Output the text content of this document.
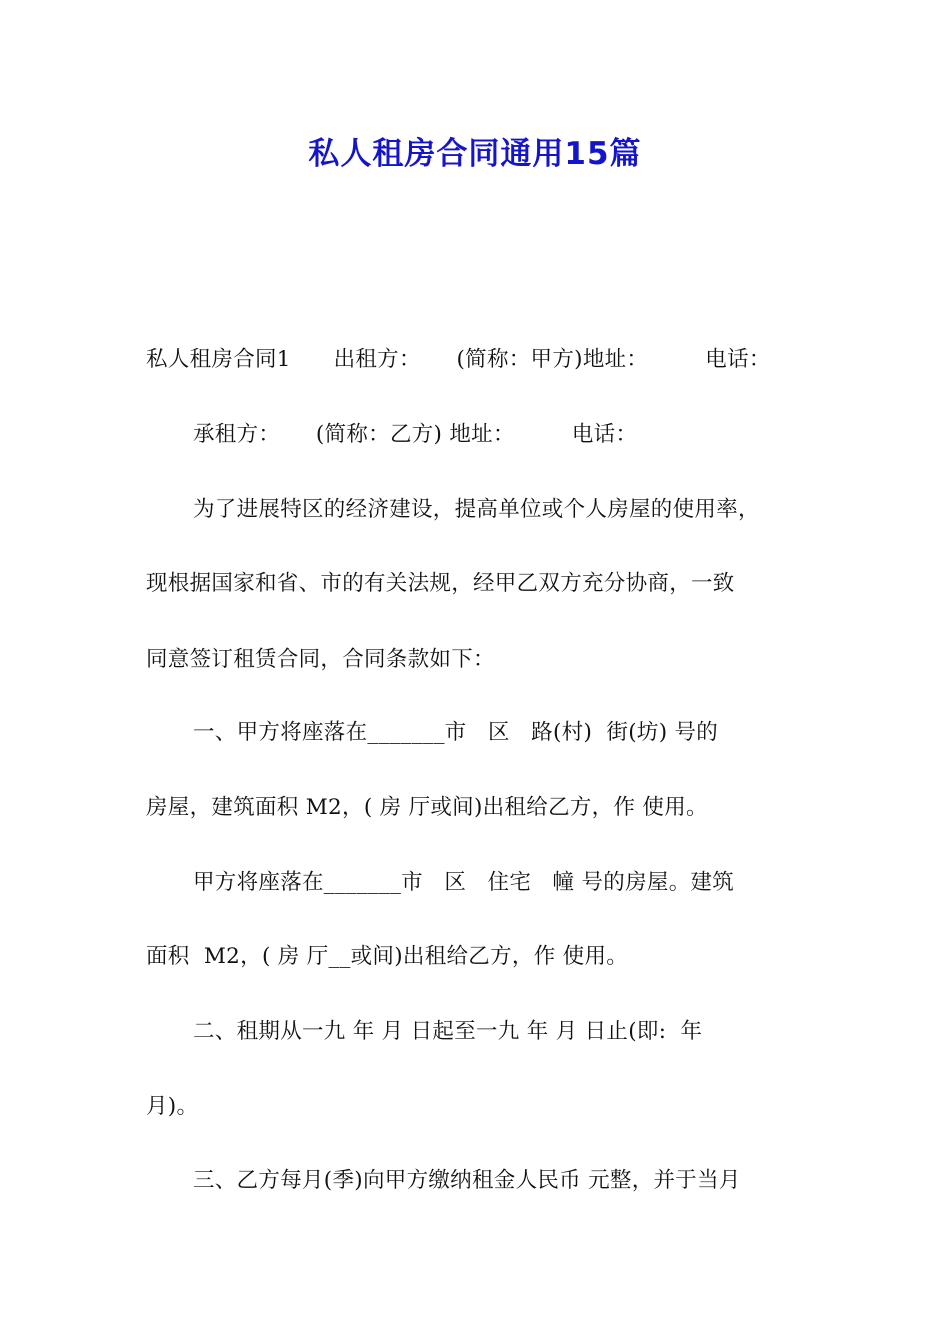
私人租房合同通用15篇
私人租房合同1      出租方：     (简称：甲方)地址：        电话：
承租方：     (简称：乙方) 地址：        电话：
为了进展特区的经济建设，提高单位或个人房屋的使用率，
现根据国家和省、市的有关法规，经甲乙双方充分协商，一致
同意签订租赁合同，合同条款如下：
一、甲方将座落在_______市   区   路(村)  街(坊) 号的
房屋，建筑面积 M2，( 房 厅或间)出租给乙方，作 使用。
甲方将座落在_______市   区   住宅   幢 号的房屋。建筑
面积  M2，( 房 厅__或间)出租给乙方，作 使用。
二、租期从一九 年 月 日起至一九 年 月 日止(即:  年
月)。
三、乙方每月(季)向甲方缴纳租金人民币 元整，并于当月
